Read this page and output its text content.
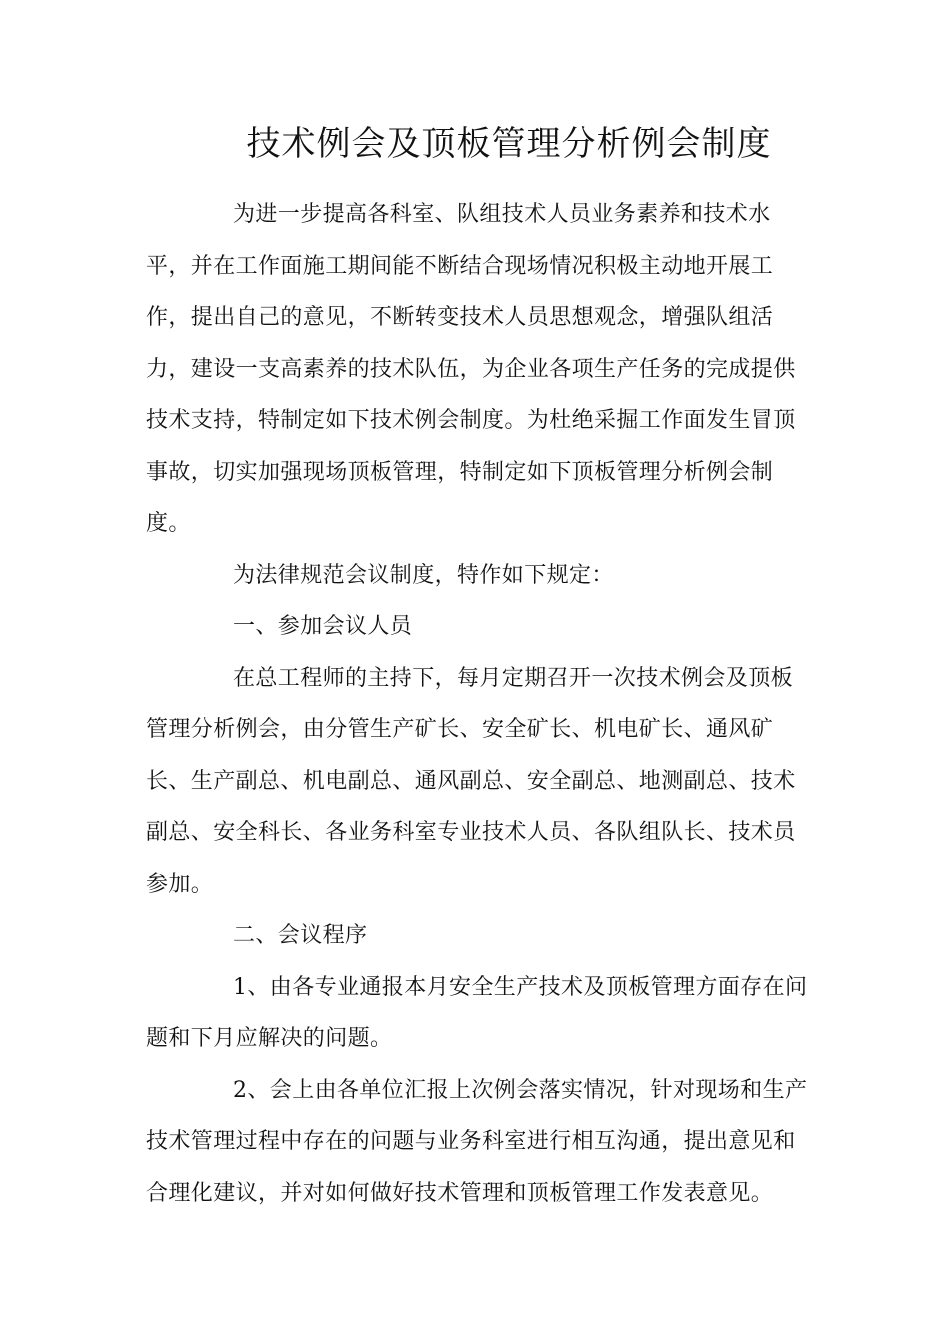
技术例会及顶板管理分析例会制度
为进一步提高各科室、队组技术人员业务素养和技术水
平，并在工作面施工期间能不断结合现场情况积极主动地开展工
作，提出自己的意见，不断转变技术人员思想观念，增强队组活
力，建设一支高素养的技术队伍，为企业各项生产任务的完成提供
技术支持，特制定如下技术例会制度。为杜绝采掘工作面发生冒顶
事故，切实加强现场顶板管理，特制定如下顶板管理分析例会制
度。
为法律规范会议制度，特作如下规定：
一、参加会议人员
在总工程师的主持下，每月定期召开一次技术例会及顶板
管理分析例会，由分管生产矿长、安全矿长、机电矿长、通风矿
长、生产副总、机电副总、通风副总、安全副总、地测副总、技术
副总、安全科长、各业务科室专业技术人员、各队组队长、技术员
参加。
二、会议程序
1、由各专业通报本月安全生产技术及顶板管理方面存在问
题和下月应解决的问题。
2、会上由各单位汇报上次例会落实情况，针对现场和生产
技术管理过程中存在的问题与业务科室进行相互沟通，提出意见和
合理化建议，并对如何做好技术管理和顶板管理工作发表意见。
